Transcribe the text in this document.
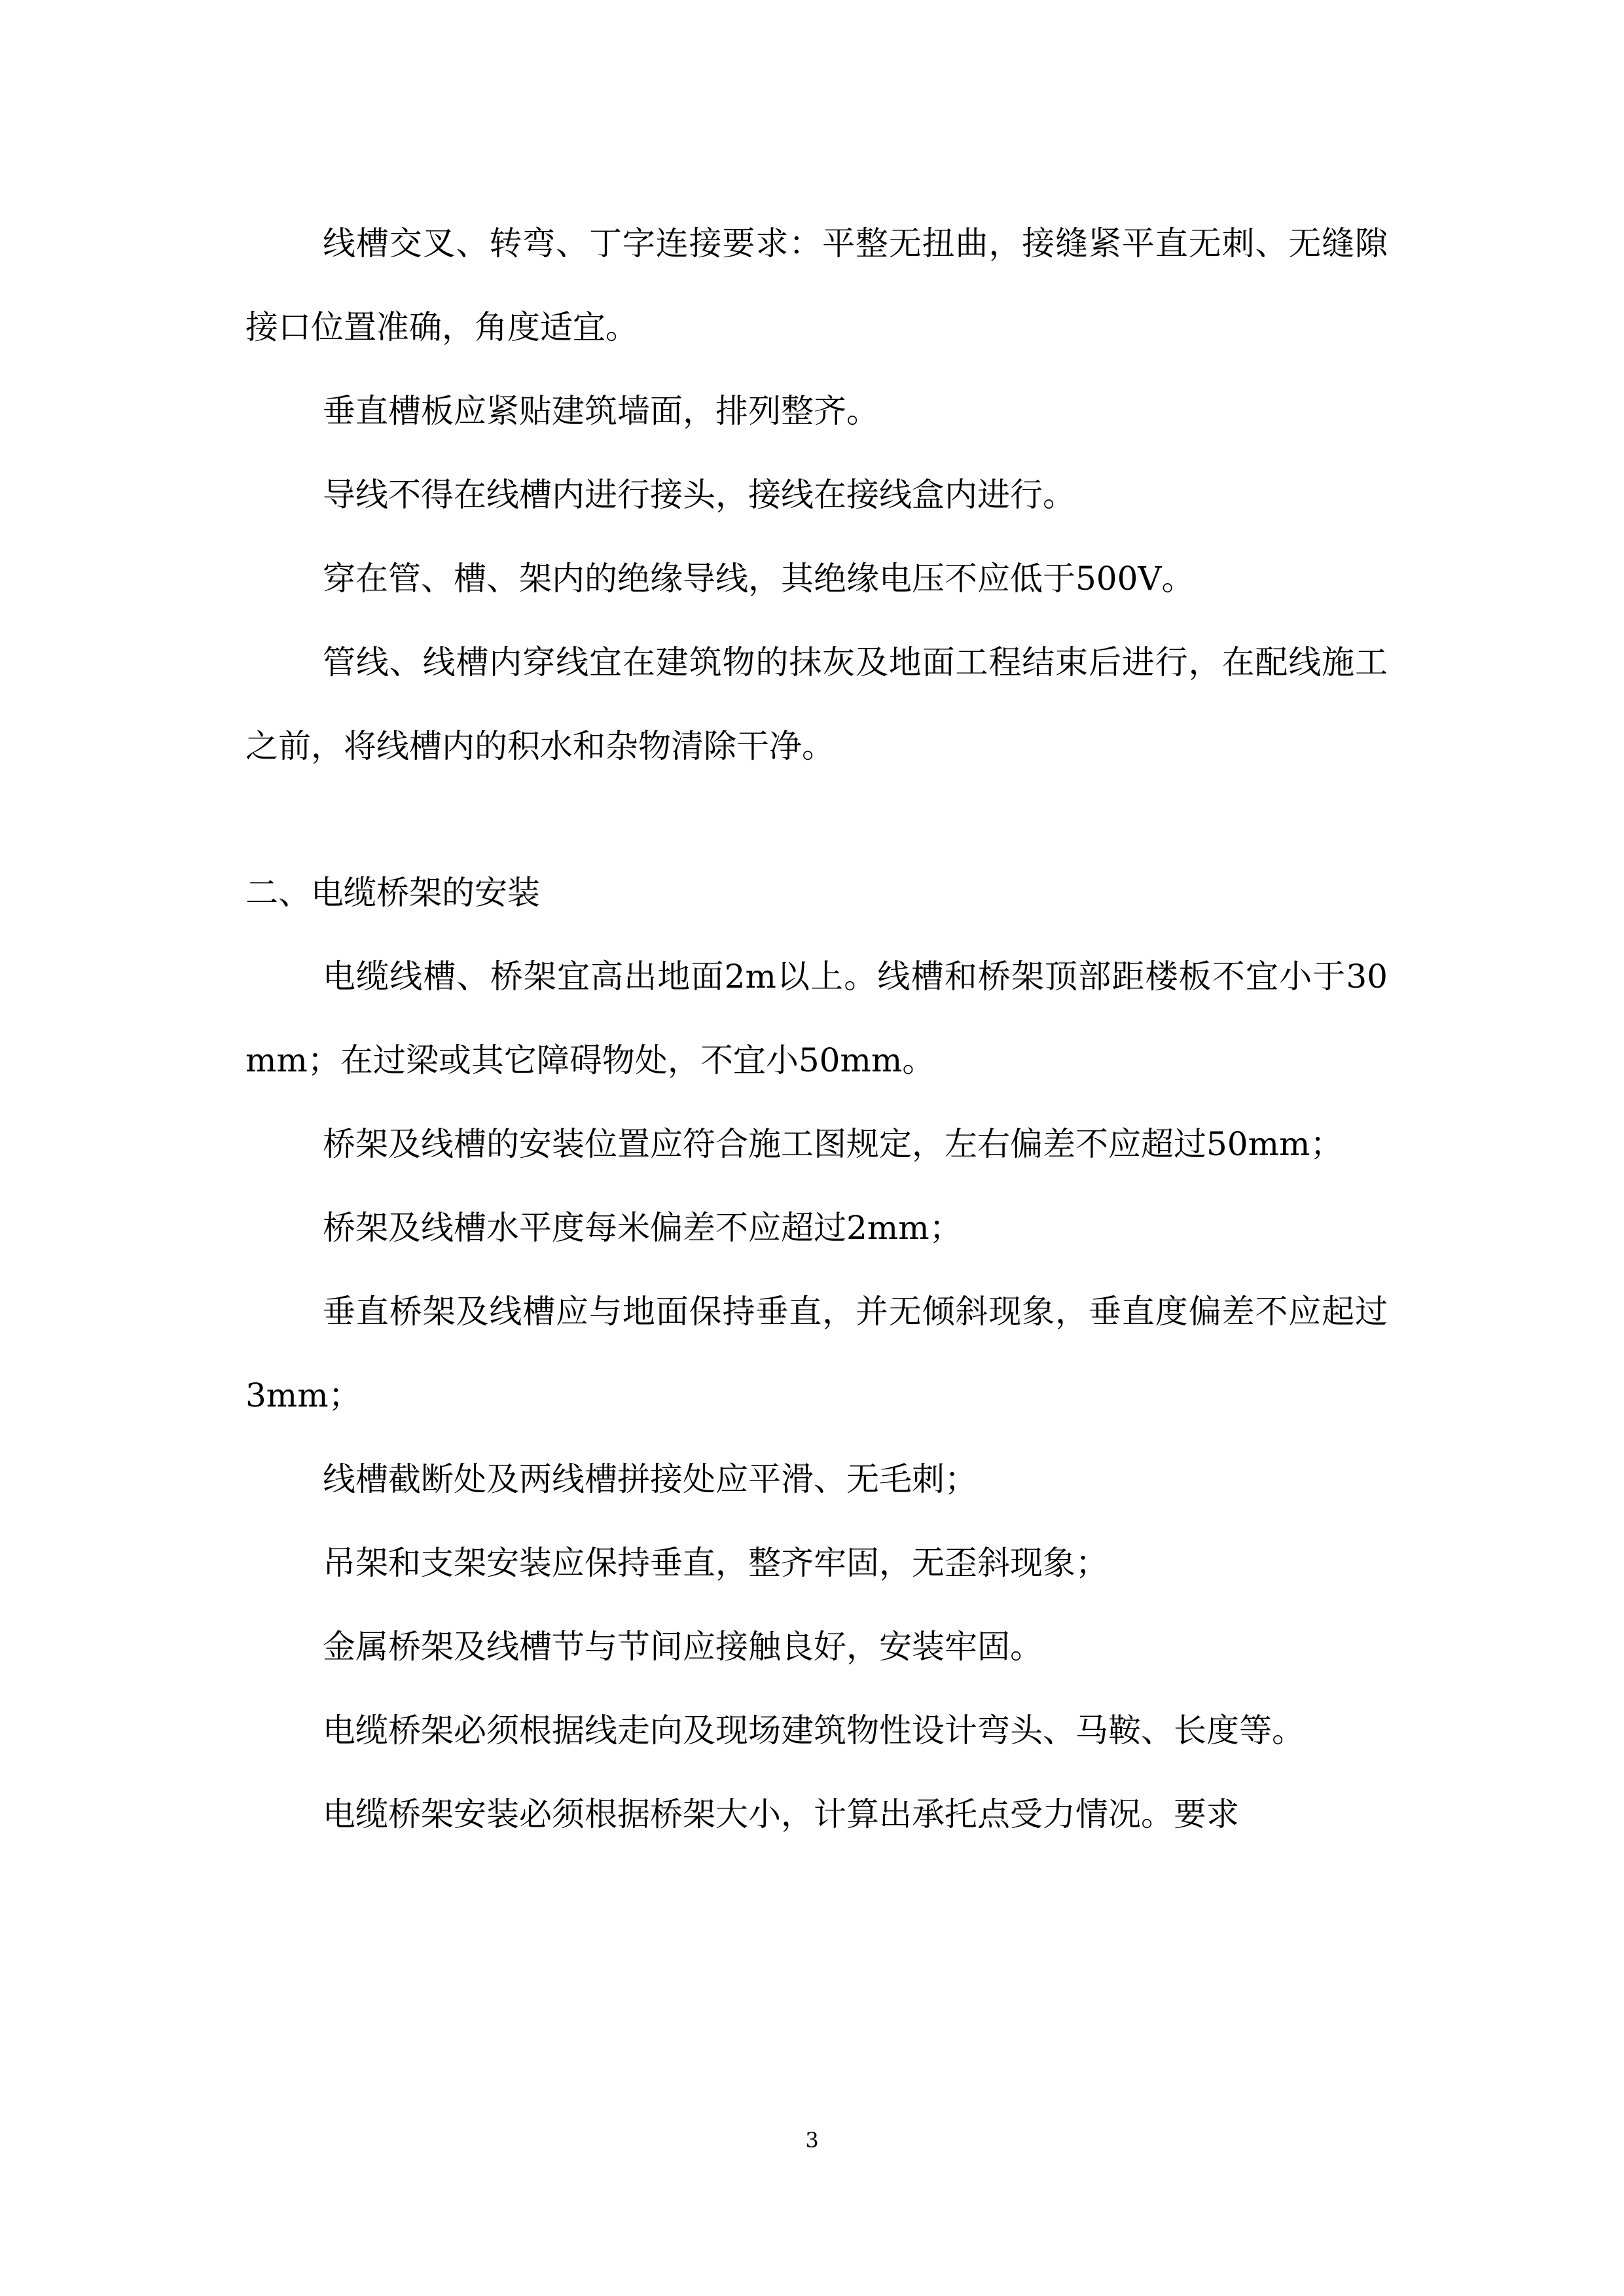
线槽交叉、转弯、丁字连接要求：平整无扭曲，接缝紧平直无刺、无缝隙接口位置准确，角度适宜。

垂直槽板应紧贴建筑墙面，排列整齐。

导线不得在线槽内进行接头，接线在接线盒内进行。

穿在管、槽、架内的绝缘导线，其绝缘电压不应低于500V。

管线、线槽内穿线宜在建筑物的抹灰及地面工程结束后进行，在配线施工之前，将线槽内的积水和杂物清除干净。

二、电缆桥架的安装

电缆线槽、桥架宜高出地面2m以上。线槽和桥架顶部距楼板不宜小于30mm；在过梁或其它障碍物处，不宜小50mm。

桥架及线槽的安装位置应符合施工图规定，左右偏差不应超过50mm；

桥架及线槽水平度每米偏差不应超过2mm；

垂直桥架及线槽应与地面保持垂直，并无倾斜现象，垂直度偏差不应起过3mm；

线槽截断处及两线槽拼接处应平滑、无毛刺；

吊架和支架安装应保持垂直，整齐牢固，无歪斜现象；

金属桥架及线槽节与节间应接触良好，安装牢固。

电缆桥架必须根据线走向及现场建筑物性设计弯头、马鞍、长度等。

电缆桥架安装必须根据桥架大小，计算出承托点受力情况。要求

3
